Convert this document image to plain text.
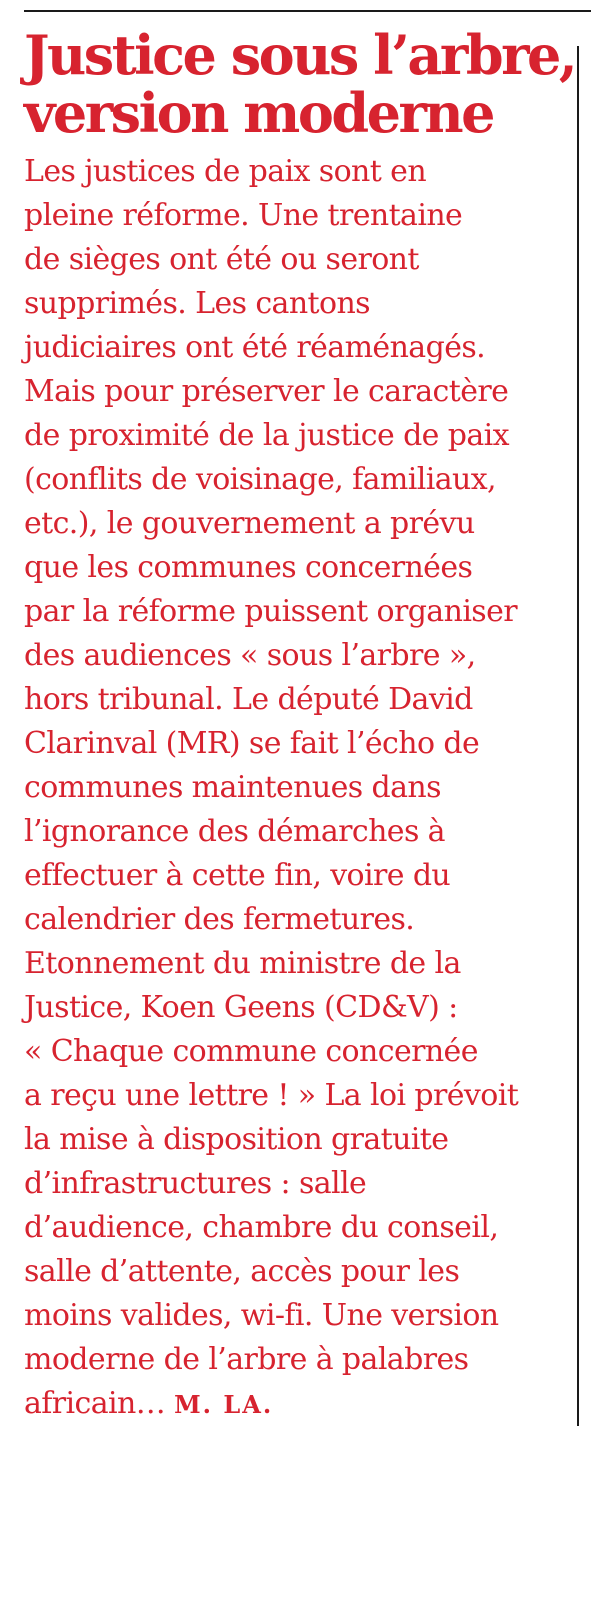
Justice sous l’arbre,
version moderne

Les justices de paix sont en
pleine réforme. Une trentaine
de sièges ont été ou seront
supprimés. Les cantons
judiciaires ont été réaménagés.
Mais pour préserver le caractère
de proximité de la justice de paix
(conflits de voisinage, familiaux,
etc.), le gouvernement a prévu
que les communes concernées
par la réforme puissent organiser
des audiences « sous l’arbre »,
hors tribunal. Le député David
Clarinval (MR) se fait l’écho de
communes maintenues dans
l’ignorance des démarches à
effectuer à cette fin, voire du
calendrier des fermetures.
Etonnement du ministre de la
Justice, Koen Geens (CD&V) :
« Chaque commune concernée
a reçu une lettre ! » La loi prévoit
la mise à disposition gratuite
d’infrastructures : salle
d’audience, chambre du conseil,
salle d’attente, accès pour les
moins valides, wi-fi. Une version
moderne de l’arbre à palabres
africain… M. LA.
